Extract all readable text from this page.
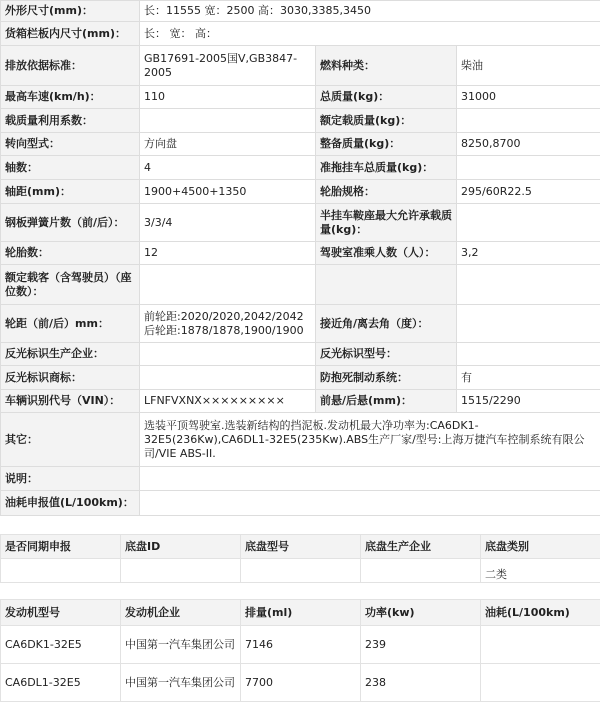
外形尺寸(mm)：	长：11555 宽：2500 高：3030,3385,3450		
货箱栏板内尺寸(mm)：	长： 宽： 高：		
排放依据标准：	GB17691-2005国Ⅴ,GB3847-2005	燃料种类：	柴油
最高车速(km/h)：	110	总质量(kg)：	31000
载质量利用系数：		额定载质量(kg)：	
转向型式：	方向盘	整备质量(kg)：	8250,8700
轴数：	4	准拖挂车总质量(kg)：	
轴距(mm)：	1900+4500+1350	轮胎规格：	295/60R22.5
钢板弹簧片数（前/后）：	3/3/4	半挂车鞍座最大允许承载质量(kg)：	
轮胎数：	12	驾驶室准乘人数（人）：	3,2
额定载客（含驾驶员）（座位数）：			
轮距（前/后）mm：	前轮距:2020/2020,2042/2042 后轮距:1878/1878,1900/1900	接近角/离去角（度）：	
反光标识生产企业：		反光标识型号：	
反光标识商标：		防抱死制动系统：	有
车辆识别代号（VIN）：	LFNFVXNX×××××××××	前悬/后悬(mm)：	1515/2290
其它：	选装平顶驾驶室.选装新结构的挡泥板.发动机最大净功率为:CA6DK1-32E5(236Kw),CA6DL1-32E5(235Kw).ABS生产厂家/型号:上海万捷汽车控制系统有限公司/VIE ABS-II.		
说明：			
油耗申报值(L/100km)：			
是否同期申报	底盘ID	底盘型号	底盘生产企业	底盘类别
				二类
发动机型号	发动机企业	排量(ml)	功率(kw)	油耗(L/100km)
CA6DK1-32E5	中国第一汽车集团公司	7146	239	
CA6DL1-32E5	中国第一汽车集团公司	7700	238	
